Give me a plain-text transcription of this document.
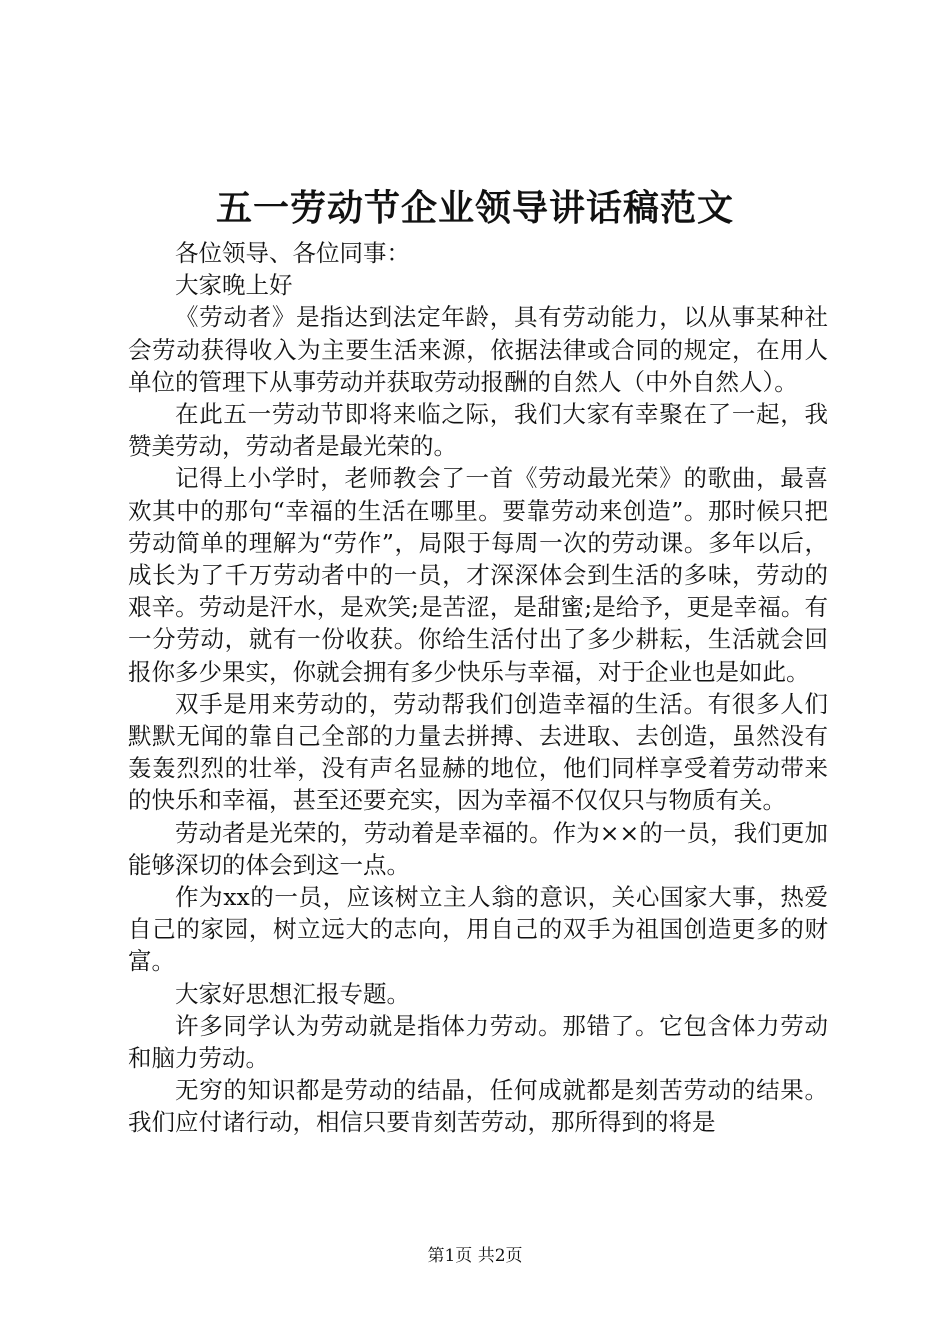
五一劳动节企业领导讲话稿范文

各位领导、各位同事：

大家晚上好

《劳动者》是指达到法定年龄，具有劳动能力，以从事某种社会劳动获得收入为主要生活来源，依据法律或合同的规定，在用人单位的管理下从事劳动并获取劳动报酬的自然人（中外自然人）。

在此五一劳动节即将来临之际，我们大家有幸聚在了一起，我赞美劳动，劳动者是最光荣的。

记得上小学时，老师教会了一首《劳动最光荣》的歌曲，最喜欢其中的那句“幸福的生活在哪里。要靠劳动来创造”。那时候只把劳动简单的理解为“劳作”，局限于每周一次的劳动课。多年以后，成长为了千万劳动者中的一员，才深深体会到生活的多味，劳动的艰辛。劳动是汗水，是欢笑;是苦涩，是甜蜜;是给予，更是幸福。有一分劳动，就有一份收获。你给生活付出了多少耕耘，生活就会回报你多少果实，你就会拥有多少快乐与幸福，对于企业也是如此。

双手是用来劳动的，劳动帮我们创造幸福的生活。有很多人们默默无闻的靠自己全部的力量去拼搏、去进取、去创造，虽然没有轰轰烈烈的壮举，没有声名显赫的地位，他们同样享受着劳动带来的快乐和幸福，甚至还要充实，因为幸福不仅仅只与物质有关。

劳动者是光荣的，劳动着是幸福的。作为××的一员，我们更加能够深切的体会到这一点。

作为xx的一员，应该树立主人翁的意识，关心国家大事，热爱自己的家园，树立远大的志向，用自己的双手为祖国创造更多的财富。

大家好思想汇报专题。

许多同学认为劳动就是指体力劳动。那错了。它包含体力劳动和脑力劳动。

无穷的知识都是劳动的结晶，任何成就都是刻苦劳动的结果。我们应付诸行动，相信只要肯刻苦劳动，那所得到的将是

第1页 共2页
